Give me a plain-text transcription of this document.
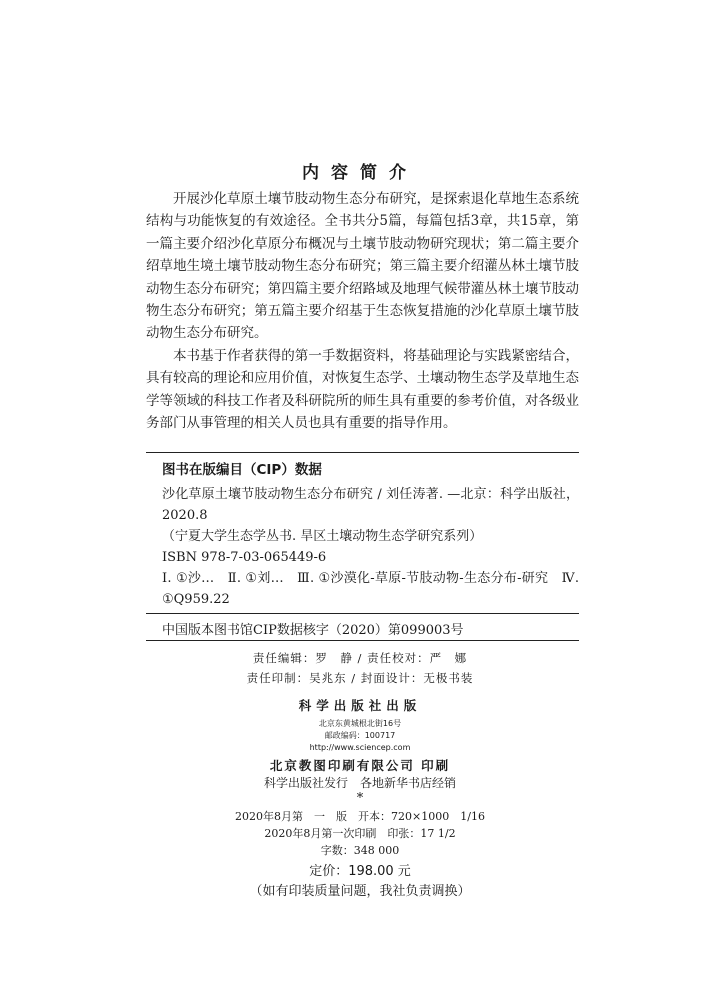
内容简介

开展沙化草原土壤节肢动物生态分布研究，是探索退化草地生态系统结构与功能恢复的有效途径。全书共分5篇，每篇包括3章，共15章，第一篇主要介绍沙化草原分布概况与土壤节肢动物研究现状；第二篇主要介绍草地生境土壤节肢动物生态分布研究；第三篇主要介绍灌丛林土壤节肢动物生态分布研究；第四篇主要介绍路域及地理气候带灌丛林土壤节肢动物生态分布研究；第五篇主要介绍基于生态恢复措施的沙化草原土壤节肢动物生态分布研究。

本书基于作者获得的第一手数据资料，将基础理论与实践紧密结合，具有较高的理论和应用价值，对恢复生态学、土壤动物生态学及草地生态学等领域的科技工作者及科研院所的师生具有重要的参考价值，对各级业务部门从事管理的相关人员也具有重要的指导作用。

图书在版编目（CIP）数据
沙化草原土壤节肢动物生态分布研究 / 刘任涛著. —北京：科学出版社，2020.8
（宁夏大学生态学丛书. 旱区土壤动物生态学研究系列）
ISBN 978-7-03-065449-6
Ⅰ. ①沙…　Ⅱ. ①刘…　Ⅲ. ①沙漠化-草原-节肢动物-生态分布-研究　Ⅳ. ①Q959.22
中国版本图书馆CIP数据核字（2020）第099003号
责任编辑：罗　静 / 责任校对：严　娜
责任印制：吴兆东 / 封面设计：无极书装
科学出版社出版
北京东黄城根北街16号
邮政编码：100717
http://www.sciencep.com
北京教图印刷有限公司 印刷
科学出版社发行　各地新华书店经销
*
2020年8月第　一　版　开本：720×1000　1/16
2020年8月第一次印刷　印张：17 1/2
字数：348 000
定价：198.00 元
（如有印装质量问题，我社负责调换）
